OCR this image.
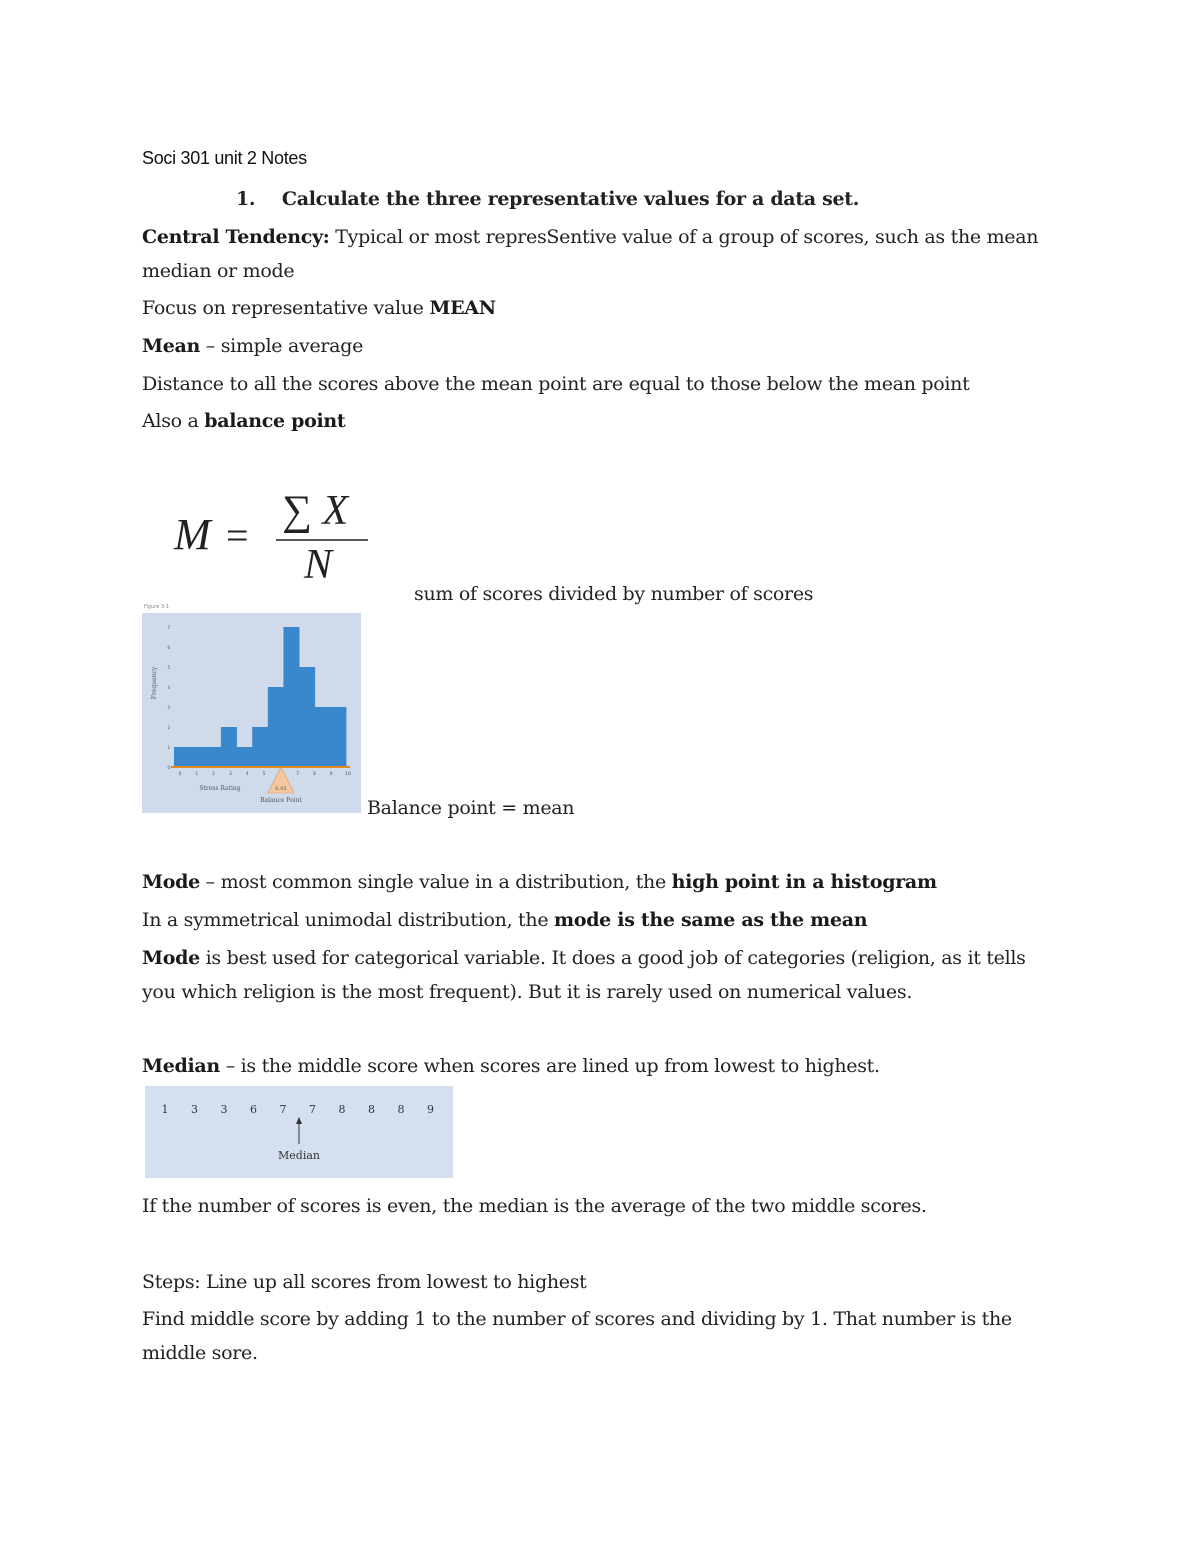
Soci 301 unit 2 Notes
1. Calculate the three representative values for a data set.
Central Tendency: Typical or most represSentive value of a group of scores, such as the mean
median or mode
Focus on representative value MEAN
Mean – simple average
Distance to all the scores above the mean point are equal to those below the mean point
Also a balance point
M =
∑ X
N
sum of scores divided by number of scores
Figure 3-1
0
1
2
3
4
5
6
7
0	1	2	3	4	5	7	8	9	10
6.05
Balance Point
Stress Rating
Frequency
Balance point = mean
Mode – most common single value in a distribution, the high point in a histogram
In a symmetrical unimodal distribution, the mode is the same as the mean
Mode is best used for categorical variable. It does a good job of categories (religion, as it tells
you which religion is the most frequent). But it is rarely used on numerical values.
Median – is the middle score when scores are lined up from lowest to highest.
1 3 3 6 7 7 8 8 8 9
Median
If the number of scores is even, the median is the average of the two middle scores.
Steps: Line up all scores from lowest to highest
Find middle score by adding 1 to the number of scores and dividing by 1. That number is the
middle sore.
